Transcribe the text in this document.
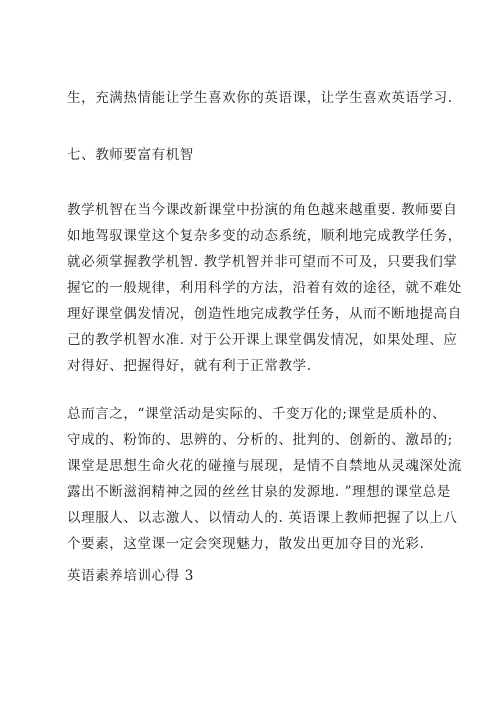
生，充满热情能让学生喜欢你的英语课，让学生喜欢英语学习.
七、教师要富有机智
教学机智在当今课改新课堂中扮演的角色越来越重要. 教师要自
如地驾驭课堂这个复杂多变的动态系统，顺利地完成教学任务，
就必须掌握教学机智. 教学机智并非可望而不可及，只要我们掌
握它的一般规律，利用科学的方法，沿着有效的途径，就不难处
理好课堂偶发情况，创造性地完成教学任务，从而不断地提高自
己的教学机智水准. 对于公开课上课堂偶发情况，如果处理、应
对得好、把握得好，就有利于正常教学.
总而言之，“课堂活动是实际的、千变万化的;课堂是质朴的、
守成的、粉饰的、思辨的、分析的、批判的、创新的、激昂的;
课堂是思想生命火花的碰撞与展现，是情不自禁地从灵魂深处流
露出不断滋润精神之园的丝丝甘泉的发源地. ”理想的课堂总是
以理服人、以志激人、以情动人的. 英语课上教师把握了以上八
个要素，这堂课一定会突现魅力，散发出更加夺目的光彩.
英语素养培训心得 3
